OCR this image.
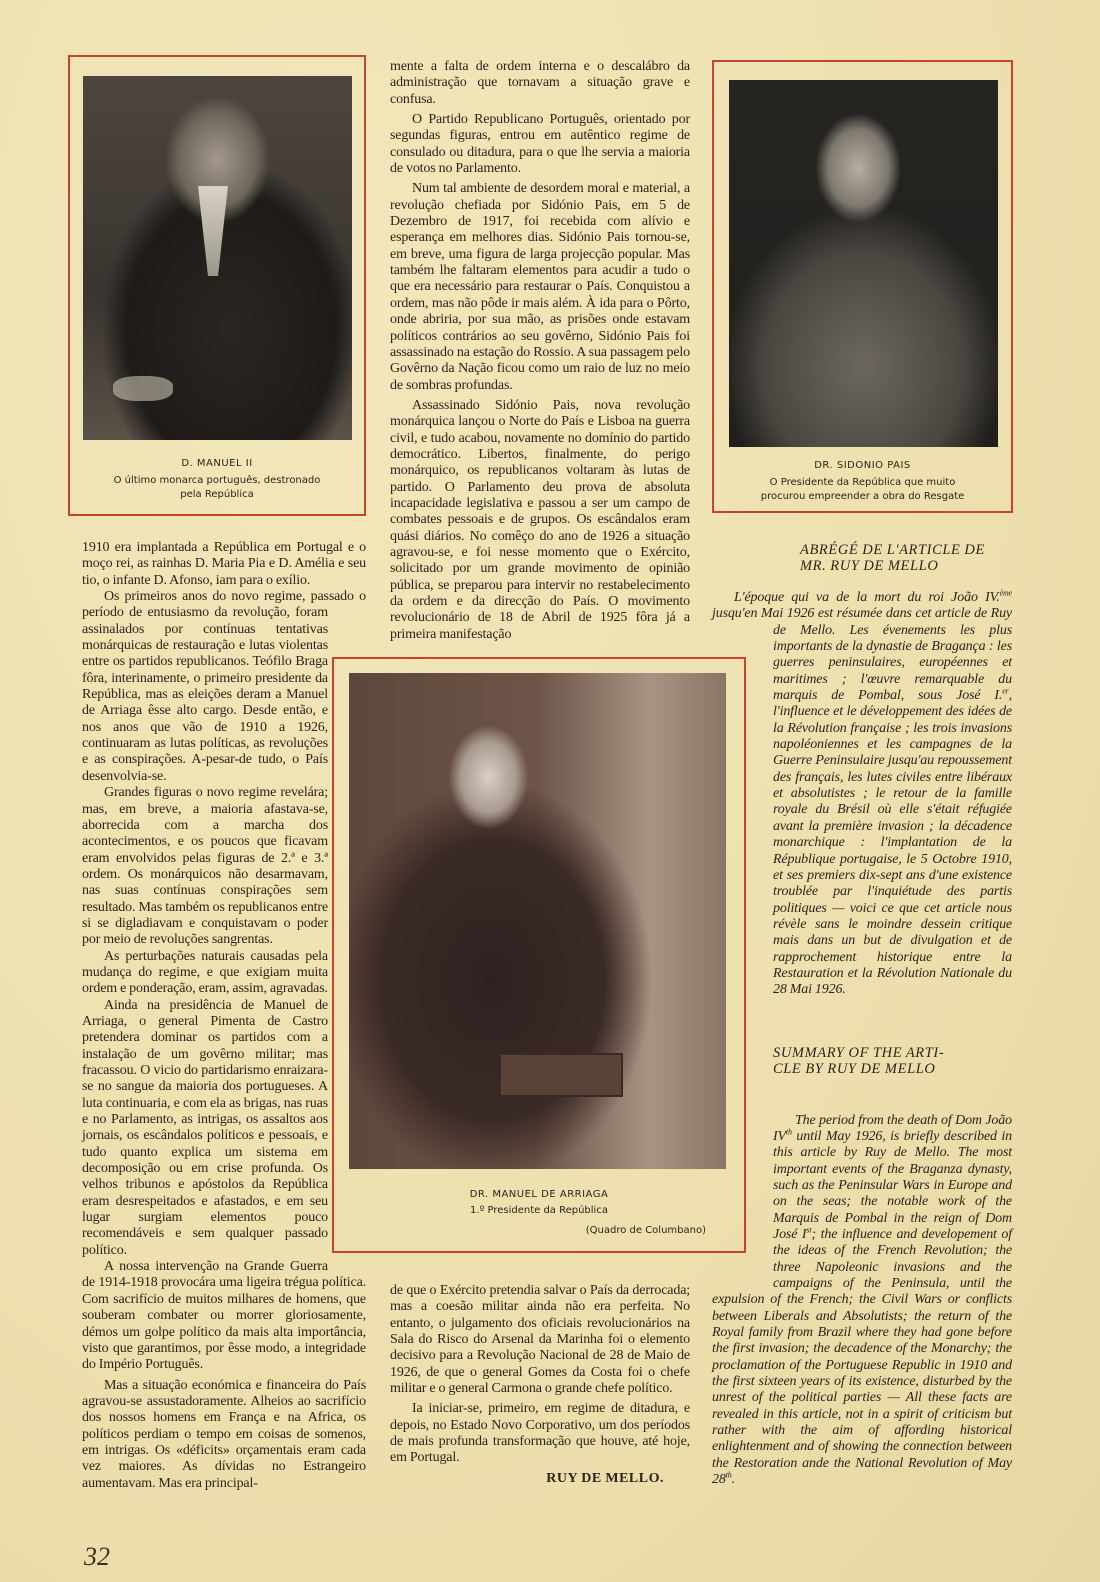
D. MANUEL II
O último monarca português, destronado
pela República
DR. SIDONIO PAIS
O Presidente da República que muito
procurou empreender a obra do Resgate
DR. MANUEL DE ARRIAGA
1.º Presidente da República
(Quadro de Columbano)

1910 era implantada a República em Portugal e o moço rei, as rainhas D. Maria Pia e D. Amélia e seu tio, o infante D. Afonso, iam para o exílio.

Os primeiros anos do novo regime, passado o período de entusiasmo da revolução, foram assinalados por contínuas tentativas monárquicas de restauração e lutas violentas entre os partidos republicanos. Teófilo Braga fôra, interinamente, o primeiro presidente da República, mas as eleições deram a Manuel de Arriaga êsse alto cargo. Desde então, e nos anos que vão de 1910 a 1926, continuaram as lutas políticas, as revoluções e as conspirações. A-pesar-de tudo, o País desenvolvia-se.

Grandes figuras o novo regime revelára; mas, em breve, a maioria afastava-se, aborrecida com a marcha dos acontecimentos, e os poucos que ficavam eram envolvidos pelas figuras de 2.ª e 3.ª ordem. Os monárquicos não desarmavam, nas suas contínuas conspirações sem resultado. Mas também os republicanos entre si se digladiavam e conquistavam o poder por meio de revoluções sangrentas.

As perturbações naturais causadas pela mudança do regime, e que exigiam muita ordem e ponderação, eram, assim, agravadas.

Ainda na presidência de Manuel de Arriaga, o general Pimenta de Castro pretendera dominar os partidos com a instalação de um govêrno militar; mas fracassou. O vicio do partidarismo enraizara-se no sangue da maioria dos portugueses. A luta continuaria, e com ela as brigas, nas ruas e no Parlamento, as intrigas, os assaltos aos jornais, os escândalos políticos e pessoais, e tudo quanto explica um sistema em decomposição ou em crise profunda. Os velhos tribunos e apóstolos da República eram desrespeitados e afastados, e em seu lugar surgiam elementos pouco recomendáveis e sem qualquer passado político.

A nossa intervenção na Grande Guerra de 1914-1918 provocára uma ligeira trégua política. Com sacrifício de muitos milhares de homens, que souberam combater ou morrer gloriosamente, démos um golpe político da mais alta importância, visto que garantimos, por êsse modo, a integridade do Império Português.

Mas a situação económica e financeira do País agravou-se assustadoramente. Alheios ao sacrifício dos nossos homens em França e na Africa, os políticos perdiam o tempo em coisas de somenos, em intrigas. Os «déficits» orçamentais eram cada vez maiores. As dívidas no Estrangeiro aumentavam. Mas era principal-

mente a falta de ordem interna e o descalábro da administração que tornavam a situação grave e confusa.

O Partido Republicano Português, orientado por segundas figuras, entrou em autêntico regime de consulado ou ditadura, para o que lhe servia a maioria de votos no Parlamento.

Num tal ambiente de desordem moral e material, a revolução chefiada por Sidónio Pais, em 5 de Dezembro de 1917, foi recebida com alívio e esperança em melhores dias. Sidónio Pais tornou-se, em breve, uma figura de larga projecção popular. Mas também lhe faltaram elementos para acudir a tudo o que era necessário para restaurar o País. Conquistou a ordem, mas não pôde ir mais além. À ida para o Pôrto, onde abriria, por sua mão, as prisões onde estavam políticos contrários ao seu govêrno, Sidónio Pais foi assassinado na estação do Rossio. A sua passagem pelo Govêrno da Nação ficou como um raio de luz no meio de sombras profundas.

Assassinado Sidónio Pais, nova revolução monárquica lançou o Norte do País e Lisboa na guerra civil, e tudo acabou, novamente no domínio do partido democrático. Libertos, finalmente, do perigo monárquico, os republicanos voltaram às lutas de partido. O Parlamento deu prova de absoluta incapacidade legislativa e passou a ser um campo de combates pessoais e de grupos. Os escândalos eram quási diários. No comêço do ano de 1926 a situação agravou-se, e foi nesse momento que o Exército, solicitado por um grande movimento de opinião pública, se preparou para intervir no restabelecimento da ordem e da direcção do País. O movimento revolucionário de 18 de Abril de 1925 fôra já a primeira manifestação

de que o Exército pretendia salvar o País da derrocada; mas a coesão militar ainda não era perfeita. No entanto, o julgamento dos oficiais revolucionários na Sala do Risco do Arsenal da Marinha foi o elemento decisivo para a Revolução Nacional de 28 de Maio de 1926, de que o general Gomes da Costa foi o chefe militar e o general Carmona o grande chefe político.

Ia iniciar-se, primeiro, em regime de ditadura, e depois, no Estado Novo Corporativo, um dos períodos de mais profunda transformação que houve, até hoje, em Portugal.

RUY DE MELLO.
ABRÉGÉ DE L'ARTICLE DE
MR. RUY DE MELLO

L'époque qui va de la mort du roi João IV.$^{ème}$ jusqu'en Mai 1926 est résumée dans cet article de Ruy de Mello. Les évenements les plus importants de la dynastie de Bragança : les guerres peninsulaires, européennes et maritimes ; l'œuvre remarquable du marquis de Pombal, sous José I.$^{er}$, l'influence et le développement des idées de la Révolution française ; les trois invasions napoléoniennes et les campagnes de la Guerre Peninsulaire jusqu'au repoussement des français, les lutes civiles entre libéraux et absolutistes ; le retour de la famille royale du Brésil où elle s'était réfugiée avant la première invasion ; la décadence monarchique : l'implantation de la République portugaise, le 5 Octobre 1910, et ses premiers dix-sept ans d'une existence troublée par l'inquiétude des partis politiques — voici ce que cet article nous révèle sans le moindre dessein critique mais dans un but de divulgation et de rapprochement historique entre la Restauration et la Révolution Nationale du 28 Mai 1926.

SUMMARY OF THE ARTI-
CLE BY RUY DE MELLO

The period from the death of Dom João IVth until May 1926, is briefly described in this article by Ruy de Mello. The most important events of the Braganza dynasty, such as the Peninsular Wars in Europe and on the seas; the notable work of the Marquis de Pombal in the reign of Dom José Ist; the influence and developement of the ideas of the French Revolution; the three Napoleonic invasions and the campaigns of the Peninsula, until the expulsion of the French; the Civil Wars or conflicts between Liberals and Absolutists; the return of the Royal family from Brazil where they had gone before the first invasion; the decadence of the Monarchy; the proclamation of the Portuguese Republic in 1910 and the first sixteen years of its existence, disturbed by the unrest of the political parties — All these facts are revealed in this article, not in a spirit of criticism but rather with the aim of affording historical enlightenment and of showing the connection between the Restoration ande the National Revolution of May 28th.

32
